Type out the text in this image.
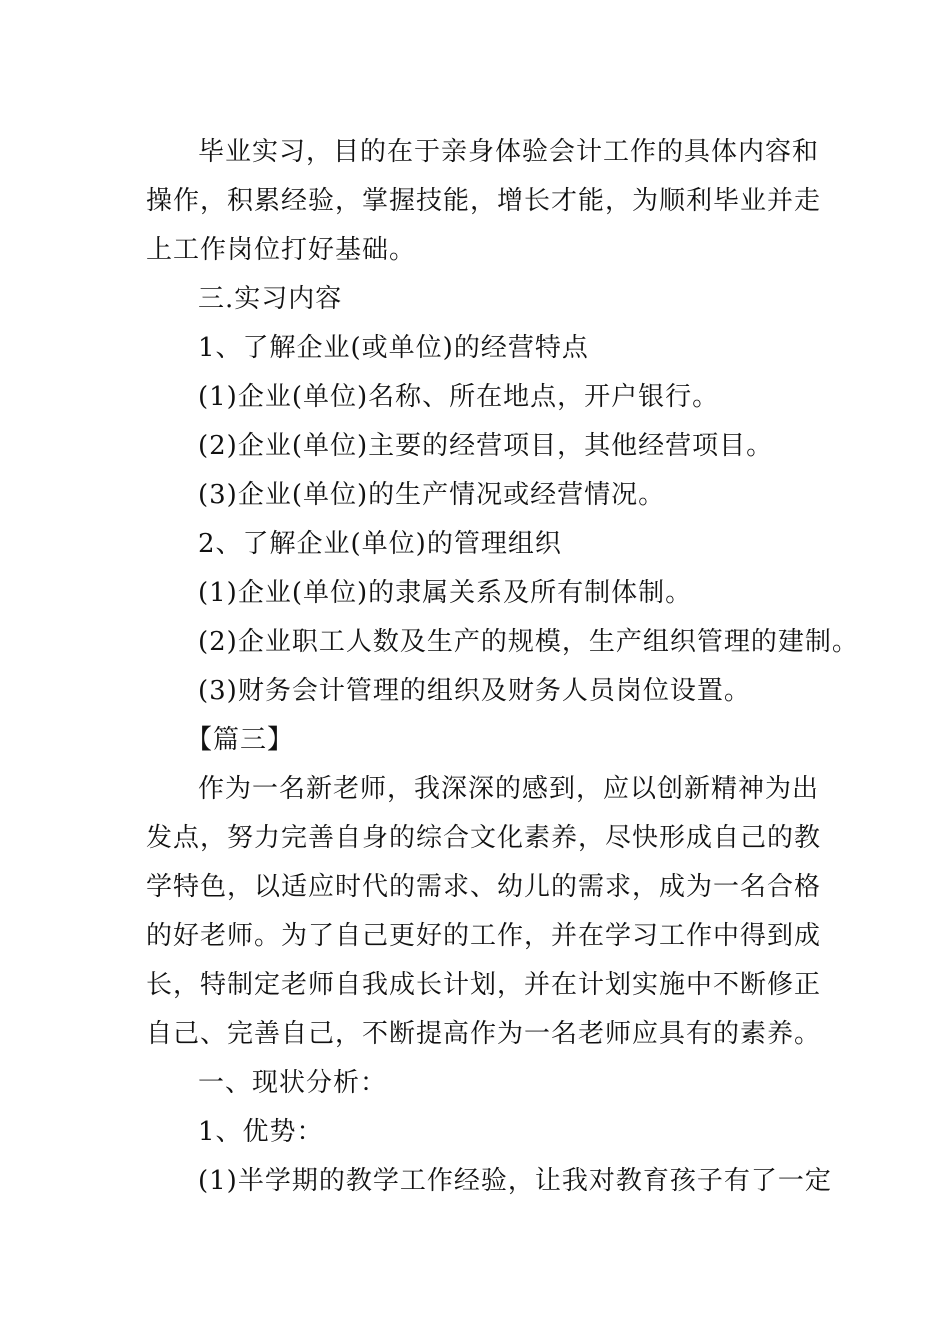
毕业实习，目的在于亲身体验会计工作的具体内容和
操作，积累经验，掌握技能，增长才能，为顺利毕业并走
上工作岗位打好基础。
三.实习内容
1、了解企业(或单位)的经营特点
(1)企业(单位)名称、所在地点，开户银行。
(2)企业(单位)主要的经营项目，其他经营项目。
(3)企业(单位)的生产情况或经营情况。
2、了解企业(单位)的管理组织
(1)企业(单位)的隶属关系及所有制体制。
(2)企业职工人数及生产的规模，生产组织管理的建制。
(3)财务会计管理的组织及财务人员岗位设置。
【篇三】
作为一名新老师，我深深的感到，应以创新精神为出
发点，努力完善自身的综合文化素养，尽快形成自己的教
学特色，以适应时代的需求、幼儿的需求，成为一名合格
的好老师。为了自己更好的工作，并在学习工作中得到成
长，特制定老师自我成长计划，并在计划实施中不断修正
自己、完善自己，不断提高作为一名老师应具有的素养。
一、现状分析：
1、优势：
(1)半学期的教学工作经验，让我对教育孩子有了一定
